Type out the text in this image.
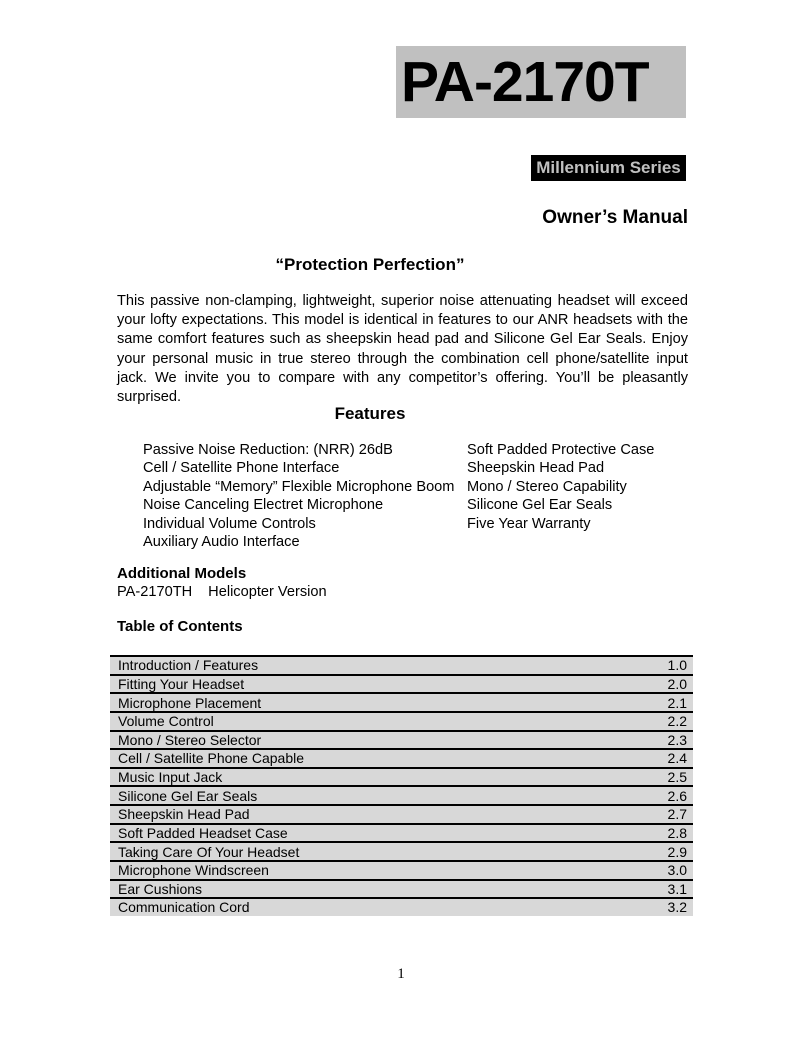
PA-2170T
Millennium Series
Owner’s Manual
“Protection Perfection”
This passive non-clamping, lightweight, superior noise attenuating headset will exceed your lofty expectations. This model is identical in features to our ANR headsets with the same comfort features such as sheepskin head pad and Silicone Gel Ear Seals. Enjoy your personal music in true stereo through the combination cell phone/satellite input jack. We invite you to compare with any competitor’s offering. You’ll be pleasantly surprised.
Features
Passive Noise Reduction: (NRR) 26dB
Cell / Satellite Phone Interface
Adjustable “Memory” Flexible Microphone Boom
Noise Canceling Electret Microphone
Individual Volume Controls
Auxiliary Audio Interface
Soft Padded Protective Case
Sheepskin Head Pad
Mono / Stereo Capability
Silicone Gel Ear Seals
Five Year Warranty
Additional Models
PA-2170TH Helicopter Version
Table of Contents
Introduction / Features	1.0
Fitting Your Headset	2.0
Microphone Placement	2.1
Volume Control	2.2
Mono / Stereo Selector	2.3
Cell / Satellite Phone Capable	2.4
Music Input Jack	2.5
Silicone Gel Ear Seals	2.6
Sheepskin Head Pad	2.7
Soft Padded Headset Case	2.8
Taking Care Of Your Headset	2.9
Microphone Windscreen	3.0
Ear Cushions	3.1
Communication Cord	3.2
1
